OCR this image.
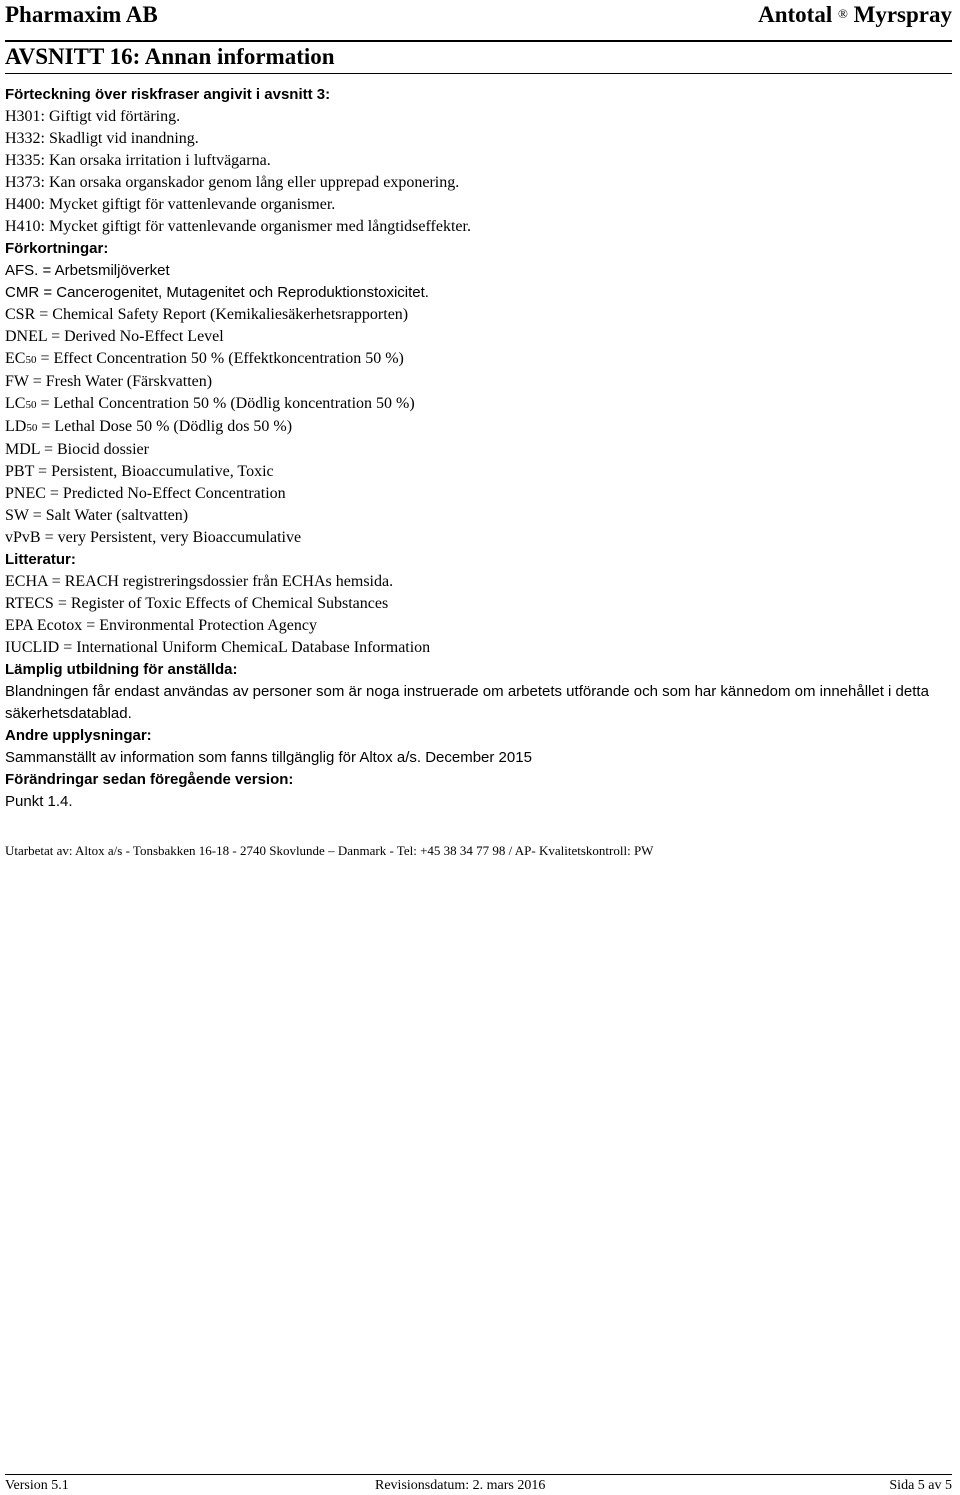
Pharmaxim AB	Antotal ® Myrspray
AVSNITT 16: Annan information
Förteckning över riskfraser angivit i avsnitt 3:
H301: Giftigt vid förtäring.
H332: Skadligt vid inandning.
H335: Kan orsaka irritation i luftvägarna.
H373: Kan orsaka organskador genom lång eller upprepad exponering.
H400: Mycket giftigt för vattenlevande organismer.
H410: Mycket giftigt för vattenlevande organismer med långtidseffekter.
Förkortningar:
AFS. = Arbetsmiljöverket
CMR = Cancerogenitet, Mutagenitet och Reproduktionstoxicitet.
CSR = Chemical Safety Report (Kemikaliesäkerhetsrapporten)
DNEL = Derived No-Effect Level
EC50 = Effect Concentration 50 % (Effektkoncentration 50 %)
FW = Fresh Water (Färskvatten)
LC50 = Lethal Concentration 50 % (Dödlig koncentration 50 %)
LD50 = Lethal Dose 50 % (Dödlig dos 50 %)
MDL = Biocid dossier
PBT = Persistent, Bioaccumulative, Toxic
PNEC = Predicted No-Effect Concentration
SW = Salt Water (saltvatten)
vPvB = very Persistent, very Bioaccumulative
Litteratur:
ECHA = REACH registreringsdossier från ECHAs hemsida.
RTECS = Register of Toxic Effects of Chemical Substances
EPA Ecotox = Environmental Protection Agency
IUCLID = International Uniform ChemicaL Database Information
Lämplig utbildning för anställda:
Blandningen får endast användas av personer som är noga instruerade om arbetets utförande och som har kännedom om innehållet i detta säkerhetsdatablad.
Andre upplysningar:
Sammanställt av information som fanns tillgänglig för Altox a/s. December 2015
Förändringar sedan föregående version:
Punkt 1.4.
Utarbetat av: Altox a/s - Tonsbakken 16-18 - 2740 Skovlunde – Danmark - Tel: +45 38 34 77 98 / AP- Kvalitetskontroll: PW
Version 5.1	Revisionsdatum: 2. mars 2016	Sida 5 av 5
